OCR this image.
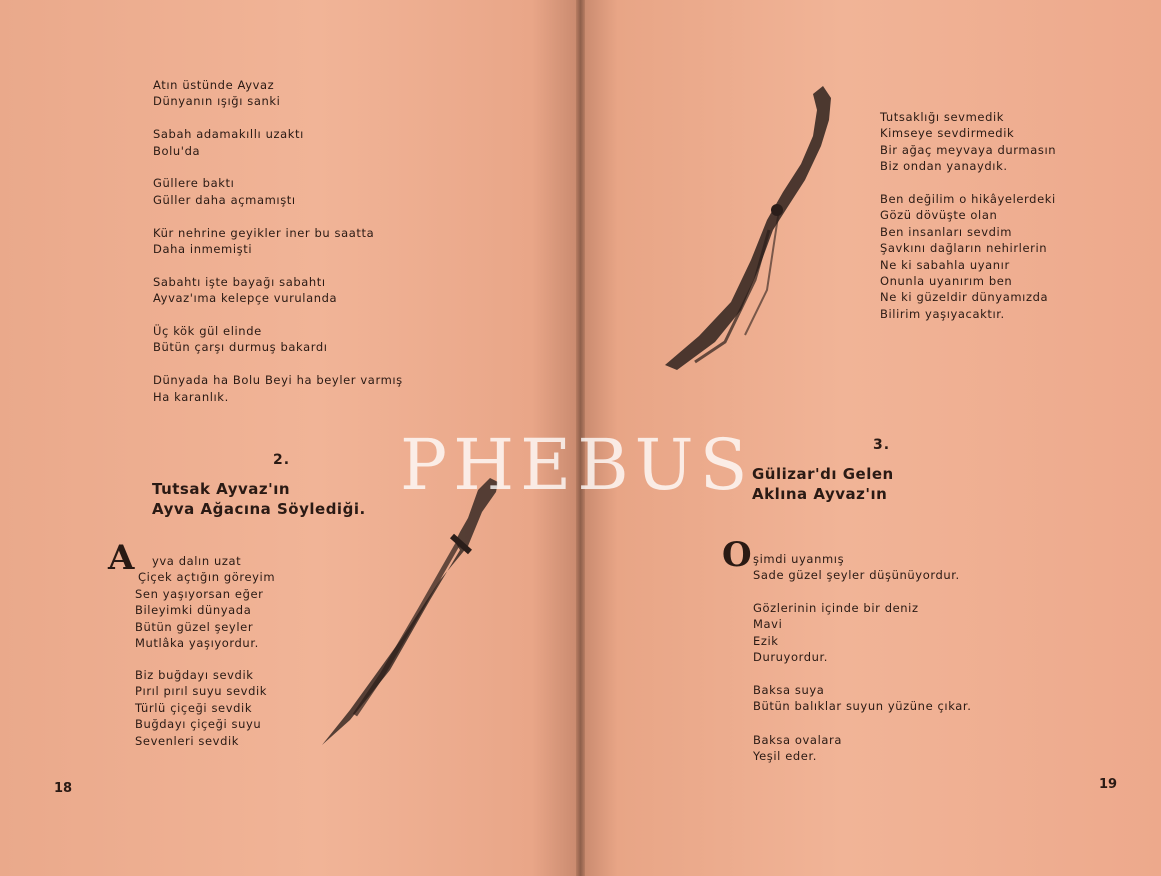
Atın üstünde Ayvaz
Dünyanın ışığı sanki
Sabah adamakıllı uzaktı
Bolu'da
Güllere baktı
Güller daha açmamıştı
Kür nehrine geyikler iner bu saatta
Daha inmemişti
Sabahtı işte bayağı sabahtı
Ayvaz'ıma kelepçe vurulanda
Üç kök gül elinde
Bütün çarşı durmuş bakardı
Dünyada ha Bolu Beyi ha beyler varmış
Ha karanlık.
2.
Tutsak Ayvaz'ın
Ayva Ağacına Söylediği.
A	yva dalın uzat
Çiçek açtığın göreyim
Sen yaşıyorsan eğer
Bileyimki dünyada
Bütün güzel şeyler
Mutlâka yaşıyordur.
Biz buğdayı sevdik
Pırıl pırıl suyu sevdik
Türlü çiçeği sevdik
Buğdayı çiçeği suyu
Sevenleri sevdik
18
Tutsaklığı sevmedik
Kimseye sevdirmedik
Bir ağaç meyvaya durmasın
Biz ondan yanaydık.
Ben değilim o hikâyelerdeki
Gözü dövüşte olan
Ben insanları sevdim
Şavkını dağların nehirlerin
Ne ki sabahla uyanır
Onunla uyanırım ben
Ne ki güzeldir dünyamızda
Bilirim yaşıyacaktır.
3.
Gülizar'dı Gelen
Aklına Ayvaz'ın
O şimdi uyanmış
Sade güzel şeyler düşünüyordur.
Gözlerinin içinde bir deniz
Mavi
Ezik
Duruyordur.
Baksa suya
Bütün balıklar suyun yüzüne çıkar.
Baksa ovalara
Yeşil eder.
19
PHEBUS
